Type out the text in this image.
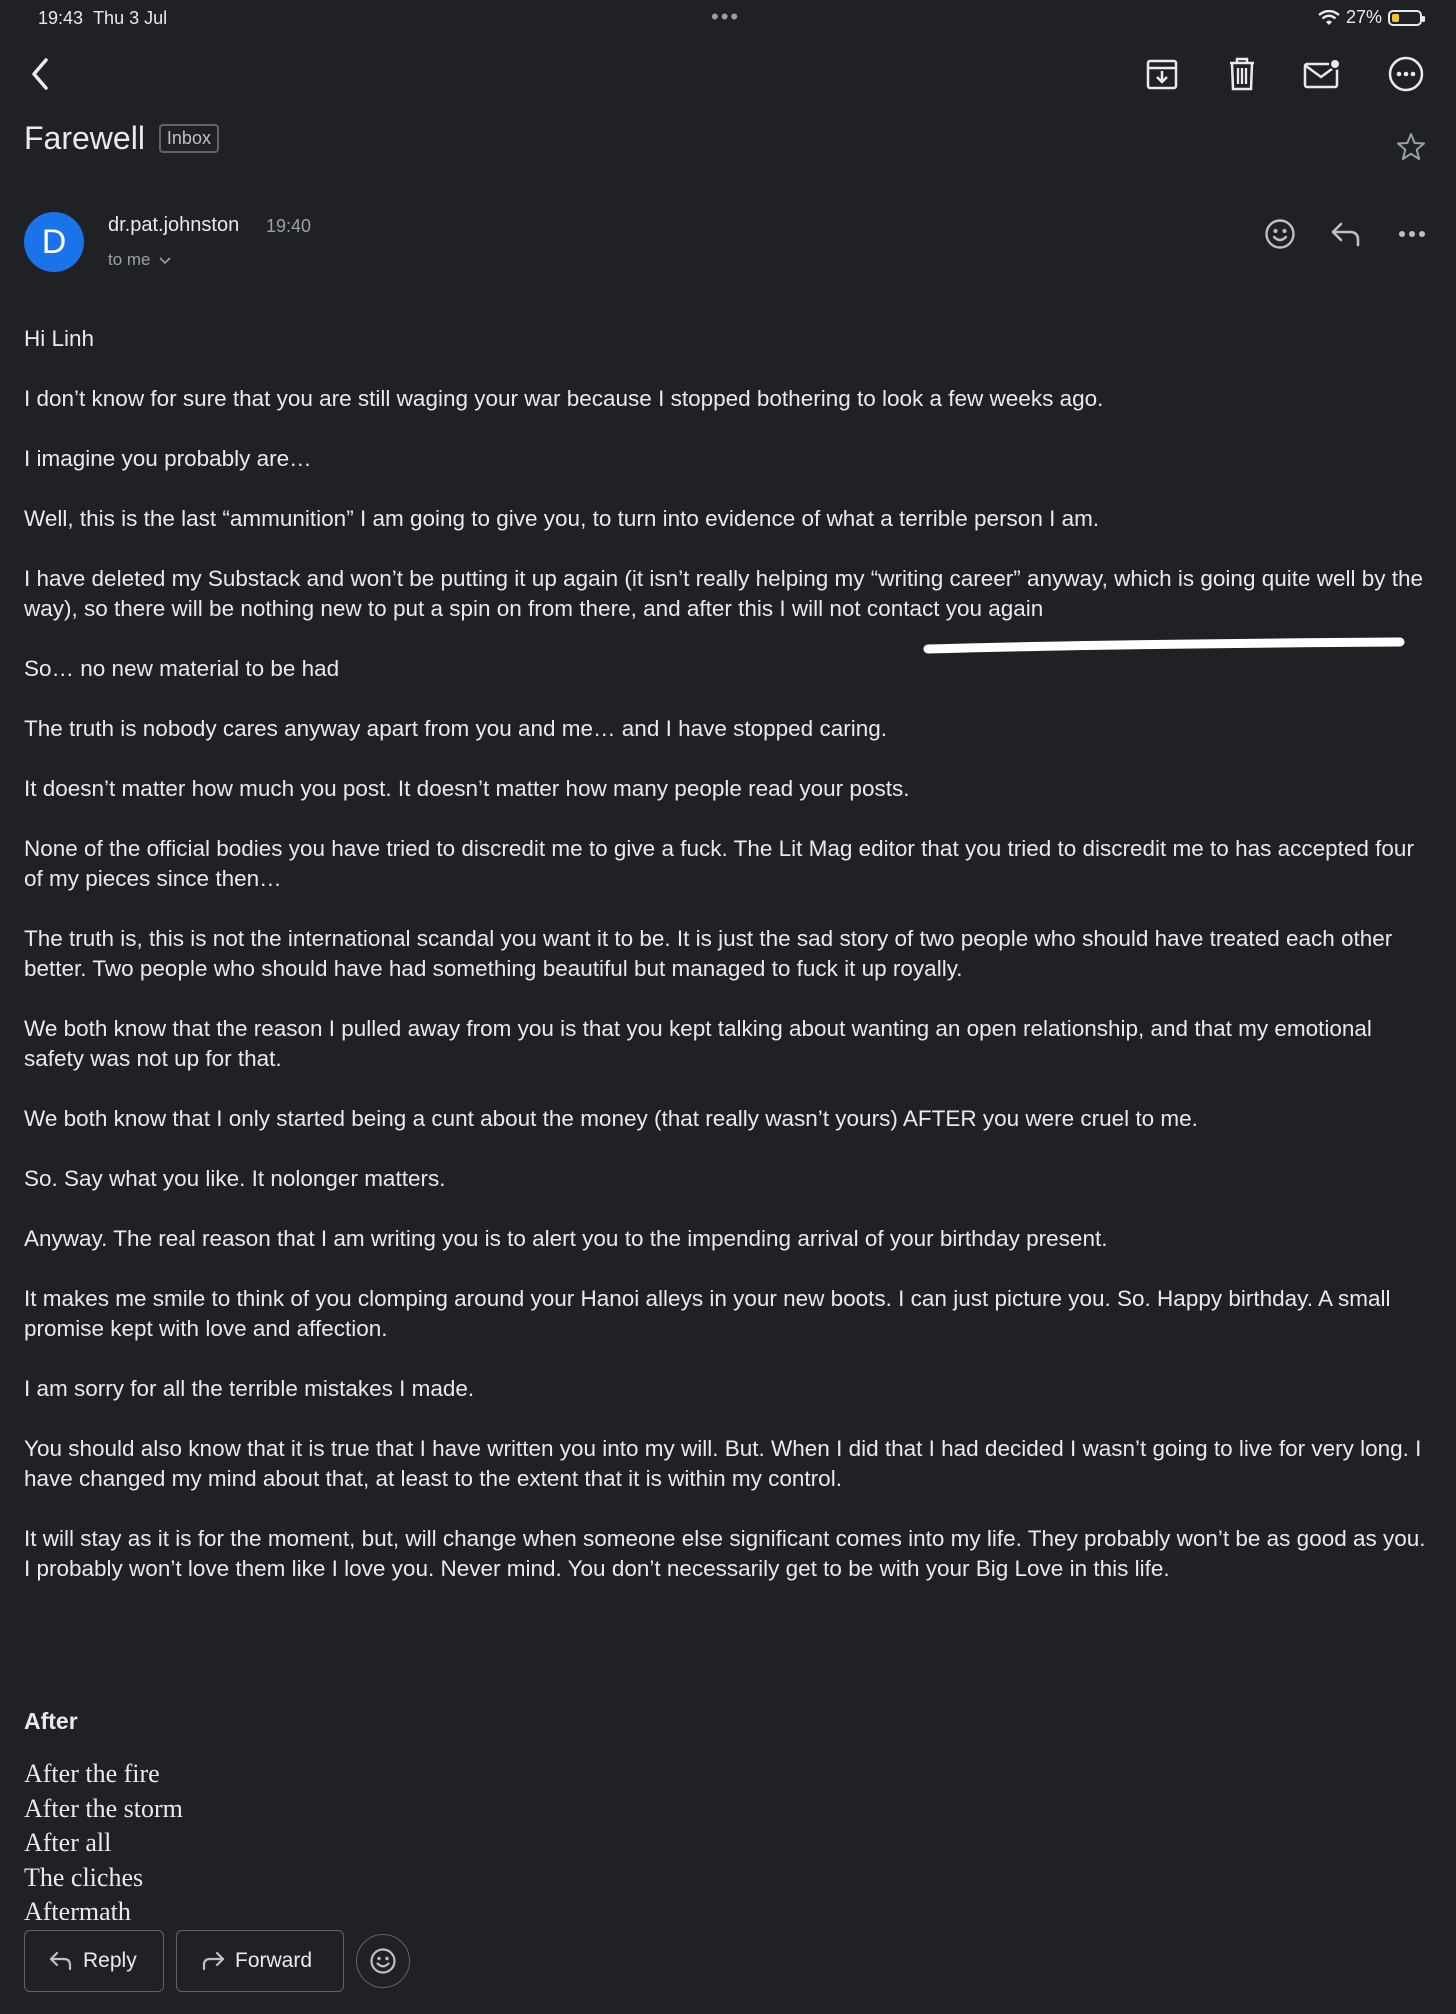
19:43 Thu 3 Jul	•••	27%
Farewell	Inbox
D	dr.pat.johnston 19:40
to me

Hi Linh

I don’t know for sure that you are still waging your war because I stopped bothering to look a few weeks ago.

I imagine you probably are…

Well, this is the last “ammunition” I am going to give you, to turn into evidence of what a terrible person I am.

I have deleted my Substack and won’t be putting it up again (it isn’t really helping my “writing career” anyway, which is going quite well by the way), so there will be nothing new to put a spin on from there, and after this I will not contact you again

So… no new material to be had

The truth is nobody cares anyway apart from you and me… and I have stopped caring.

It doesn’t matter how much you post. It doesn’t matter how many people read your posts.

None of the official bodies you have tried to discredit me to give a fuck. The Lit Mag editor that you tried to discredit me to has accepted four of my pieces since then…

The truth is, this is not the international scandal you want it to be. It is just the sad story of two people who should have treated each other better. Two people who should have had something beautiful but managed to fuck it up royally.

We both know that the reason I pulled away from you is that you kept talking about wanting an open relationship, and that my emotional safety was not up for that.

We both know that I only started being a cunt about the money (that really wasn’t yours) AFTER you were cruel to me.

So. Say what you like. It nolonger matters.

Anyway. The real reason that I am writing you is to alert you to the impending arrival of your birthday present.

It makes me smile to think of you clomping around your Hanoi alleys in your new boots. I can just picture you. So. Happy birthday. A small promise kept with love and affection.

I am sorry for all the terrible mistakes I made.

You should also know that it is true that I have written you into my will. But. When I did that I had decided I wasn’t going to live for very long. I have changed my mind about that, at least to the extent that it is within my control.

It will stay as it is for the moment, but, will change when someone else significant comes into my life. They probably won’t be as good as you. I probably won’t love them like I love you. Never mind. You don’t necessarily get to be with your Big Love in this life.

After
After the fire
After the storm
After all
The cliches
Aftermath
Reply	Forward
